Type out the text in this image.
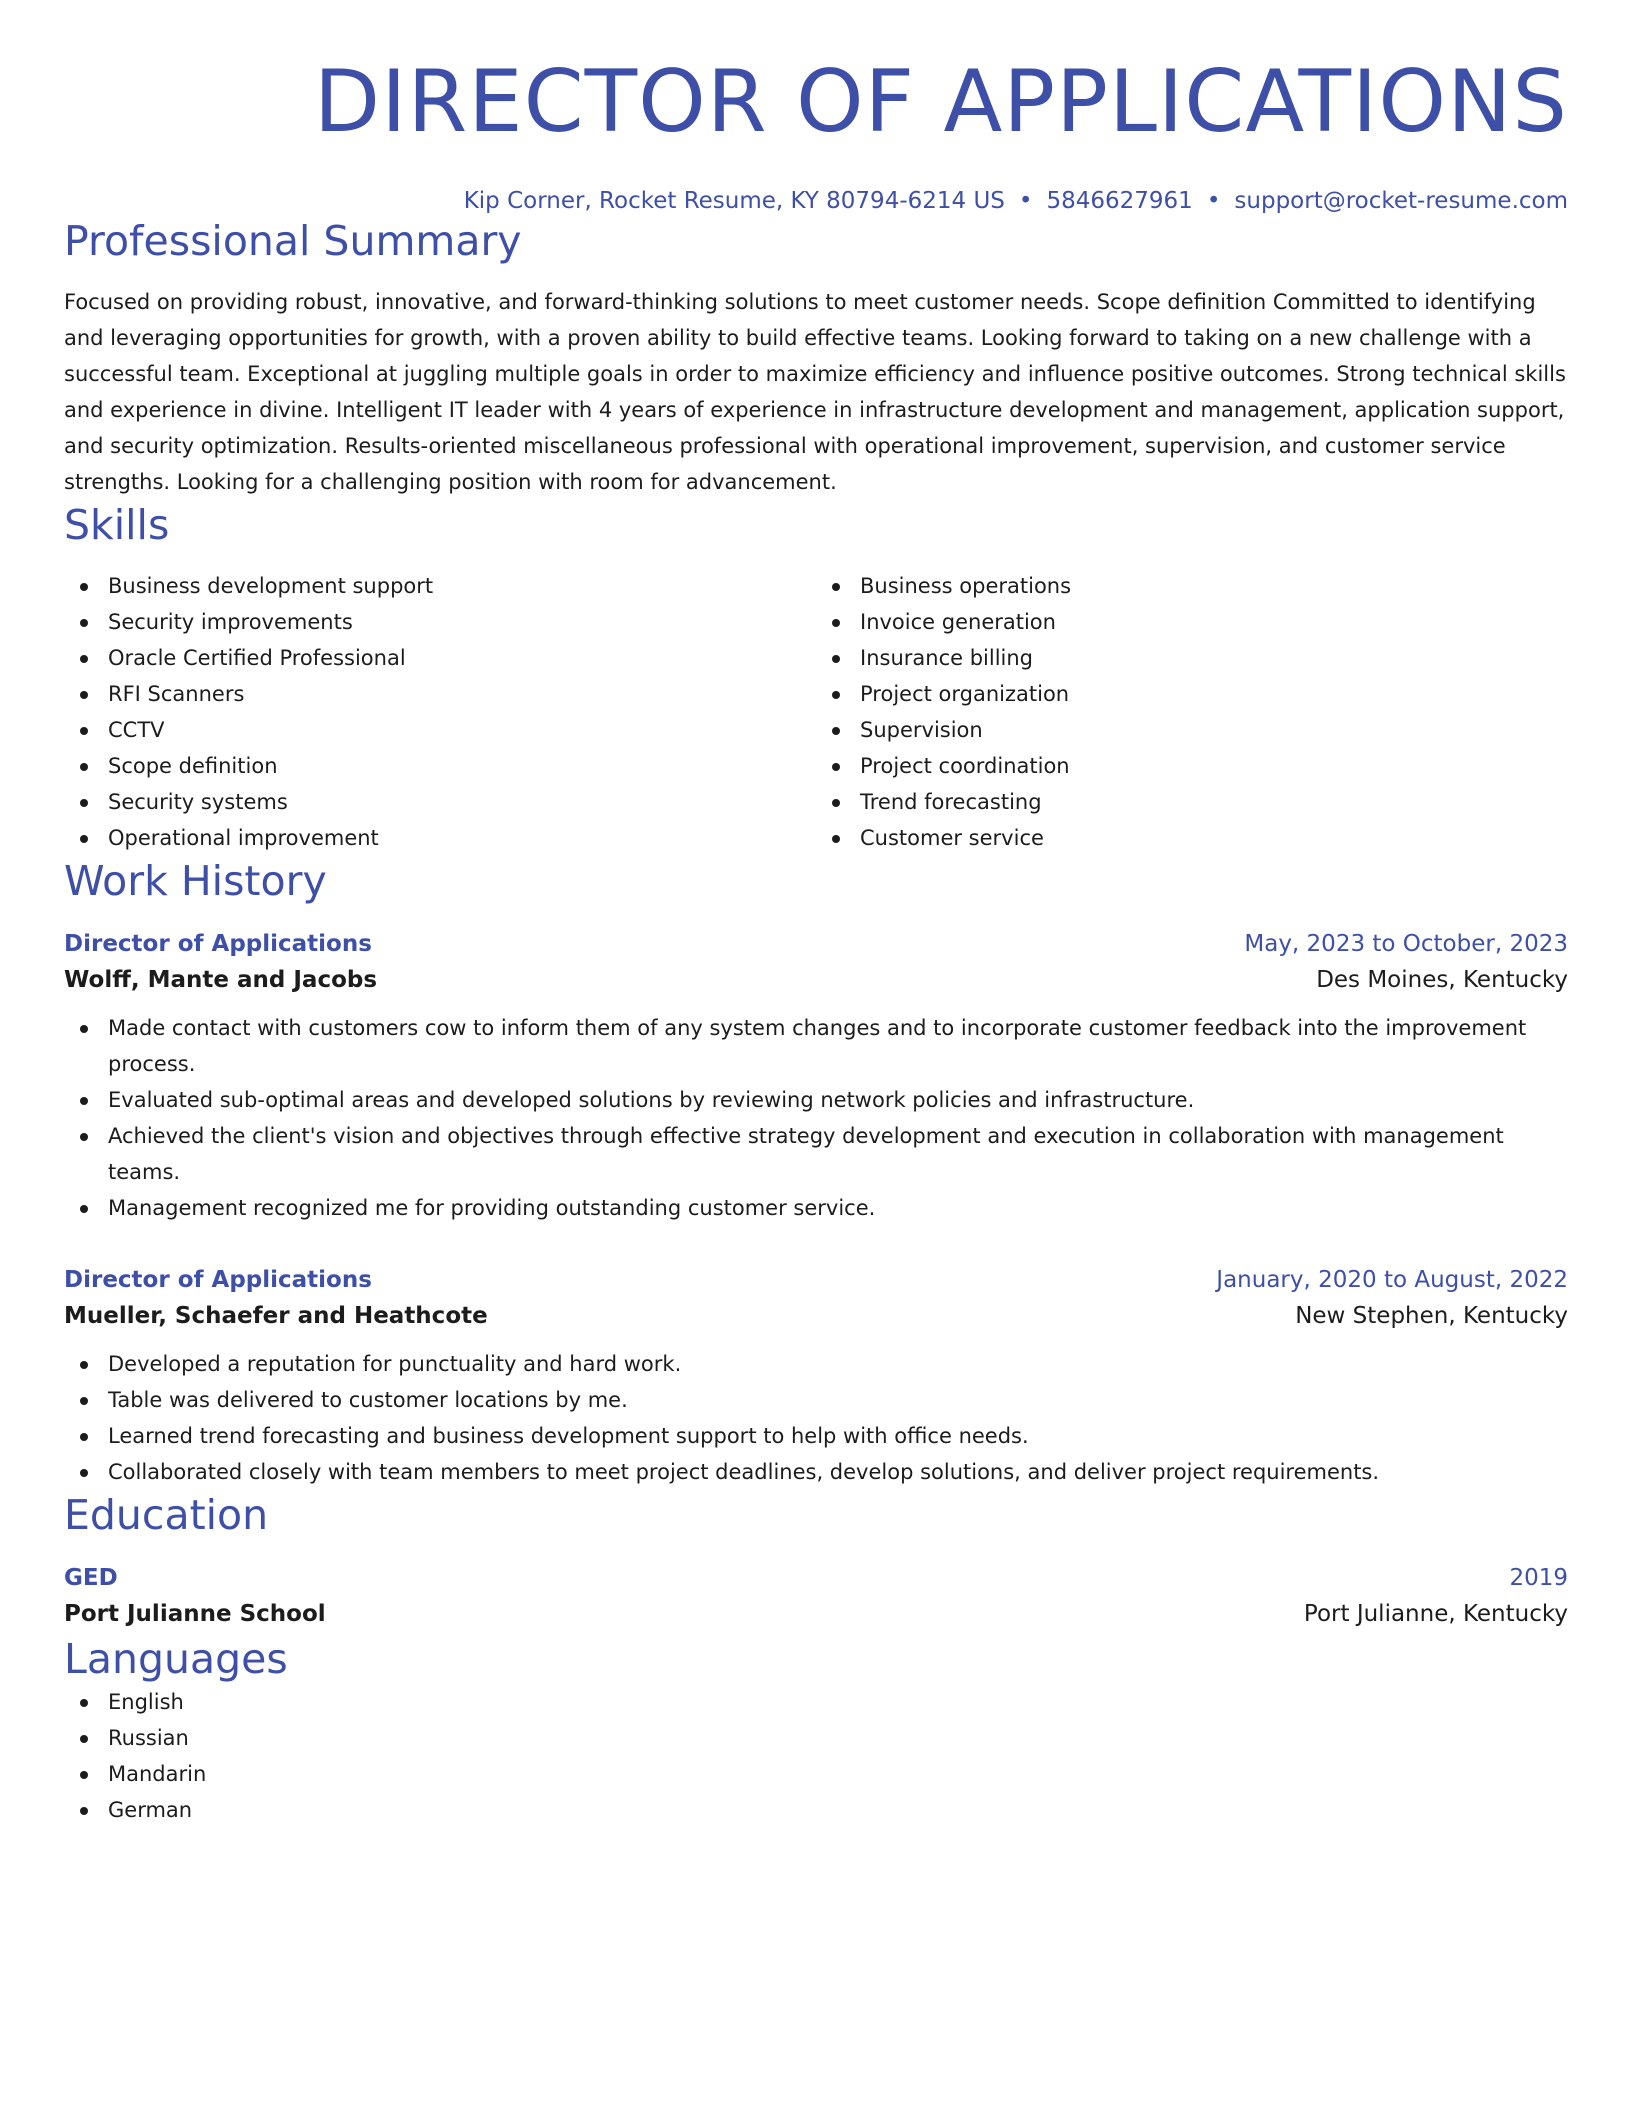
DIRECTOR OF APPLICATIONS
Kip Corner, Rocket Resume, KY 80794-6214 US • 5846627961 • support@rocket-resume.com
Professional Summary

Focused on providing robust, innovative, and forward-thinking solutions to meet customer needs. Scope definition Committed to identifying and leveraging opportunities for growth, with a proven ability to build effective teams. Looking forward to taking on a new challenge with a successful team. Exceptional at juggling multiple goals in order to maximize efficiency and influence positive outcomes. Strong technical skills and experience in divine. Intelligent IT leader with 4 years of experience in infrastructure development and management, application support, and security optimization. Results-oriented miscellaneous professional with operational improvement, supervision, and customer service strengths. Looking for a challenging position with room for advancement.

Skills
Business development support
Security improvements
Oracle Certified Professional
RFI Scanners
CCTV
Scope definition
Security systems
Operational improvement
Business operations
Invoice generation
Insurance billing
Project organization
Supervision
Project coordination
Trend forecasting
Customer service
Work History
Director of Applications	May, 2023 to October, 2023
Wolff, Mante and Jacobs	Des Moines, Kentucky
Made contact with customers cow to inform them of any system changes and to incorporate customer feedback into the improvement process.
Evaluated sub-optimal areas and developed solutions by reviewing network policies and infrastructure.
Achieved the client's vision and objectives through effective strategy development and execution in collaboration with management teams.
Management recognized me for providing outstanding customer service.
Director of Applications	January, 2020 to August, 2022
Mueller, Schaefer and Heathcote	New Stephen, Kentucky
Developed a reputation for punctuality and hard work.
Table was delivered to customer locations by me.
Learned trend forecasting and business development support to help with office needs.
Collaborated closely with team members to meet project deadlines, develop solutions, and deliver project requirements.
Education
GED	2019
Port Julianne School	Port Julianne, Kentucky
Languages
English
Russian
Mandarin
German
